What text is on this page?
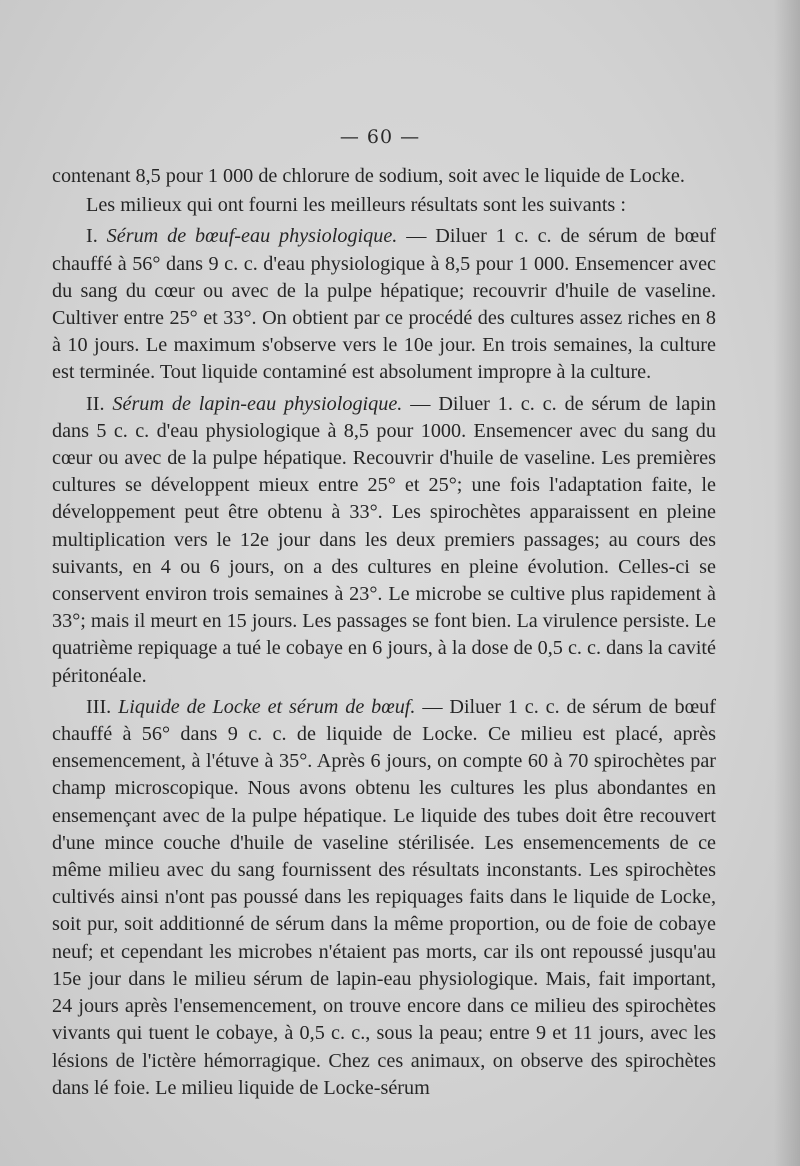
— 60 —

contenant 8,5 pour 1 000 de chlorure de sodium, soit avec le liquide de Locke.

Les milieux qui ont fourni les meilleurs résultats sont les suivants :

I. Sérum de bœuf-eau physiologique. — Diluer 1 c. c. de sérum de bœuf chauffé à 56° dans 9 c. c. d'eau physiologique à 8,5 pour 1 000. Ensemencer avec du sang du cœur ou avec de la pulpe hépatique; recouvrir d'huile de vaseline. Cultiver entre 25° et 33°. On obtient par ce procédé des cultures assez riches en 8 à 10 jours. Le maximum s'observe vers le 10e jour. En trois semaines, la culture est terminée. Tout liquide contaminé est absolument impropre à la culture.

II. Sérum de lapin-eau physiologique. — Diluer 1. c. c. de sérum de lapin dans 5 c. c. d'eau physiologique à 8,5 pour 1000. Ensemencer avec du sang du cœur ou avec de la pulpe hépatique. Recouvrir d'huile de vaseline. Les premières cultures se développent mieux entre 25° et 25°; une fois l'adaptation faite, le développement peut être obtenu à 33°. Les spirochètes apparaissent en pleine multiplication vers le 12e jour dans les deux premiers passages; au cours des suivants, en 4 ou 6 jours, on a des cultures en pleine évolution. Celles-ci se conservent environ trois semaines à 23°. Le microbe se cultive plus rapidement à 33°; mais il meurt en 15 jours. Les passages se font bien. La virulence persiste. Le quatrième repiquage a tué le cobaye en 6 jours, à la dose de 0,5 c. c. dans la cavité péritonéale.

III. Liquide de Locke et sérum de bœuf. — Diluer 1 c. c. de sérum de bœuf chauffé à 56° dans 9 c. c. de liquide de Locke. Ce milieu est placé, après ensemencement, à l'étuve à 35°. Après 6 jours, on compte 60 à 70 spirochètes par champ microscopique. Nous avons obtenu les cultures les plus abondantes en ensemençant avec de la pulpe hépatique. Le liquide des tubes doit être recouvert d'une mince couche d'huile de vaseline stérilisée. Les ensemencements de ce même milieu avec du sang fournissent des résultats inconstants. Les spirochètes cultivés ainsi n'ont pas poussé dans les repiquages faits dans le liquide de Locke, soit pur, soit additionné de sérum dans la même proportion, ou de foie de cobaye neuf; et cependant les microbes n'étaient pas morts, car ils ont repoussé jusqu'au 15e jour dans le milieu sérum de lapin-eau physiologique. Mais, fait important, 24 jours après l'ensemencement, on trouve encore dans ce milieu des spirochètes vivants qui tuent le cobaye, à 0,5 c. c., sous la peau; entre 9 et 11 jours, avec les lésions de l'ictère hémorragique. Chez ces animaux, on observe des spirochètes dans lé foie. Le milieu liquide de Locke-sérum
